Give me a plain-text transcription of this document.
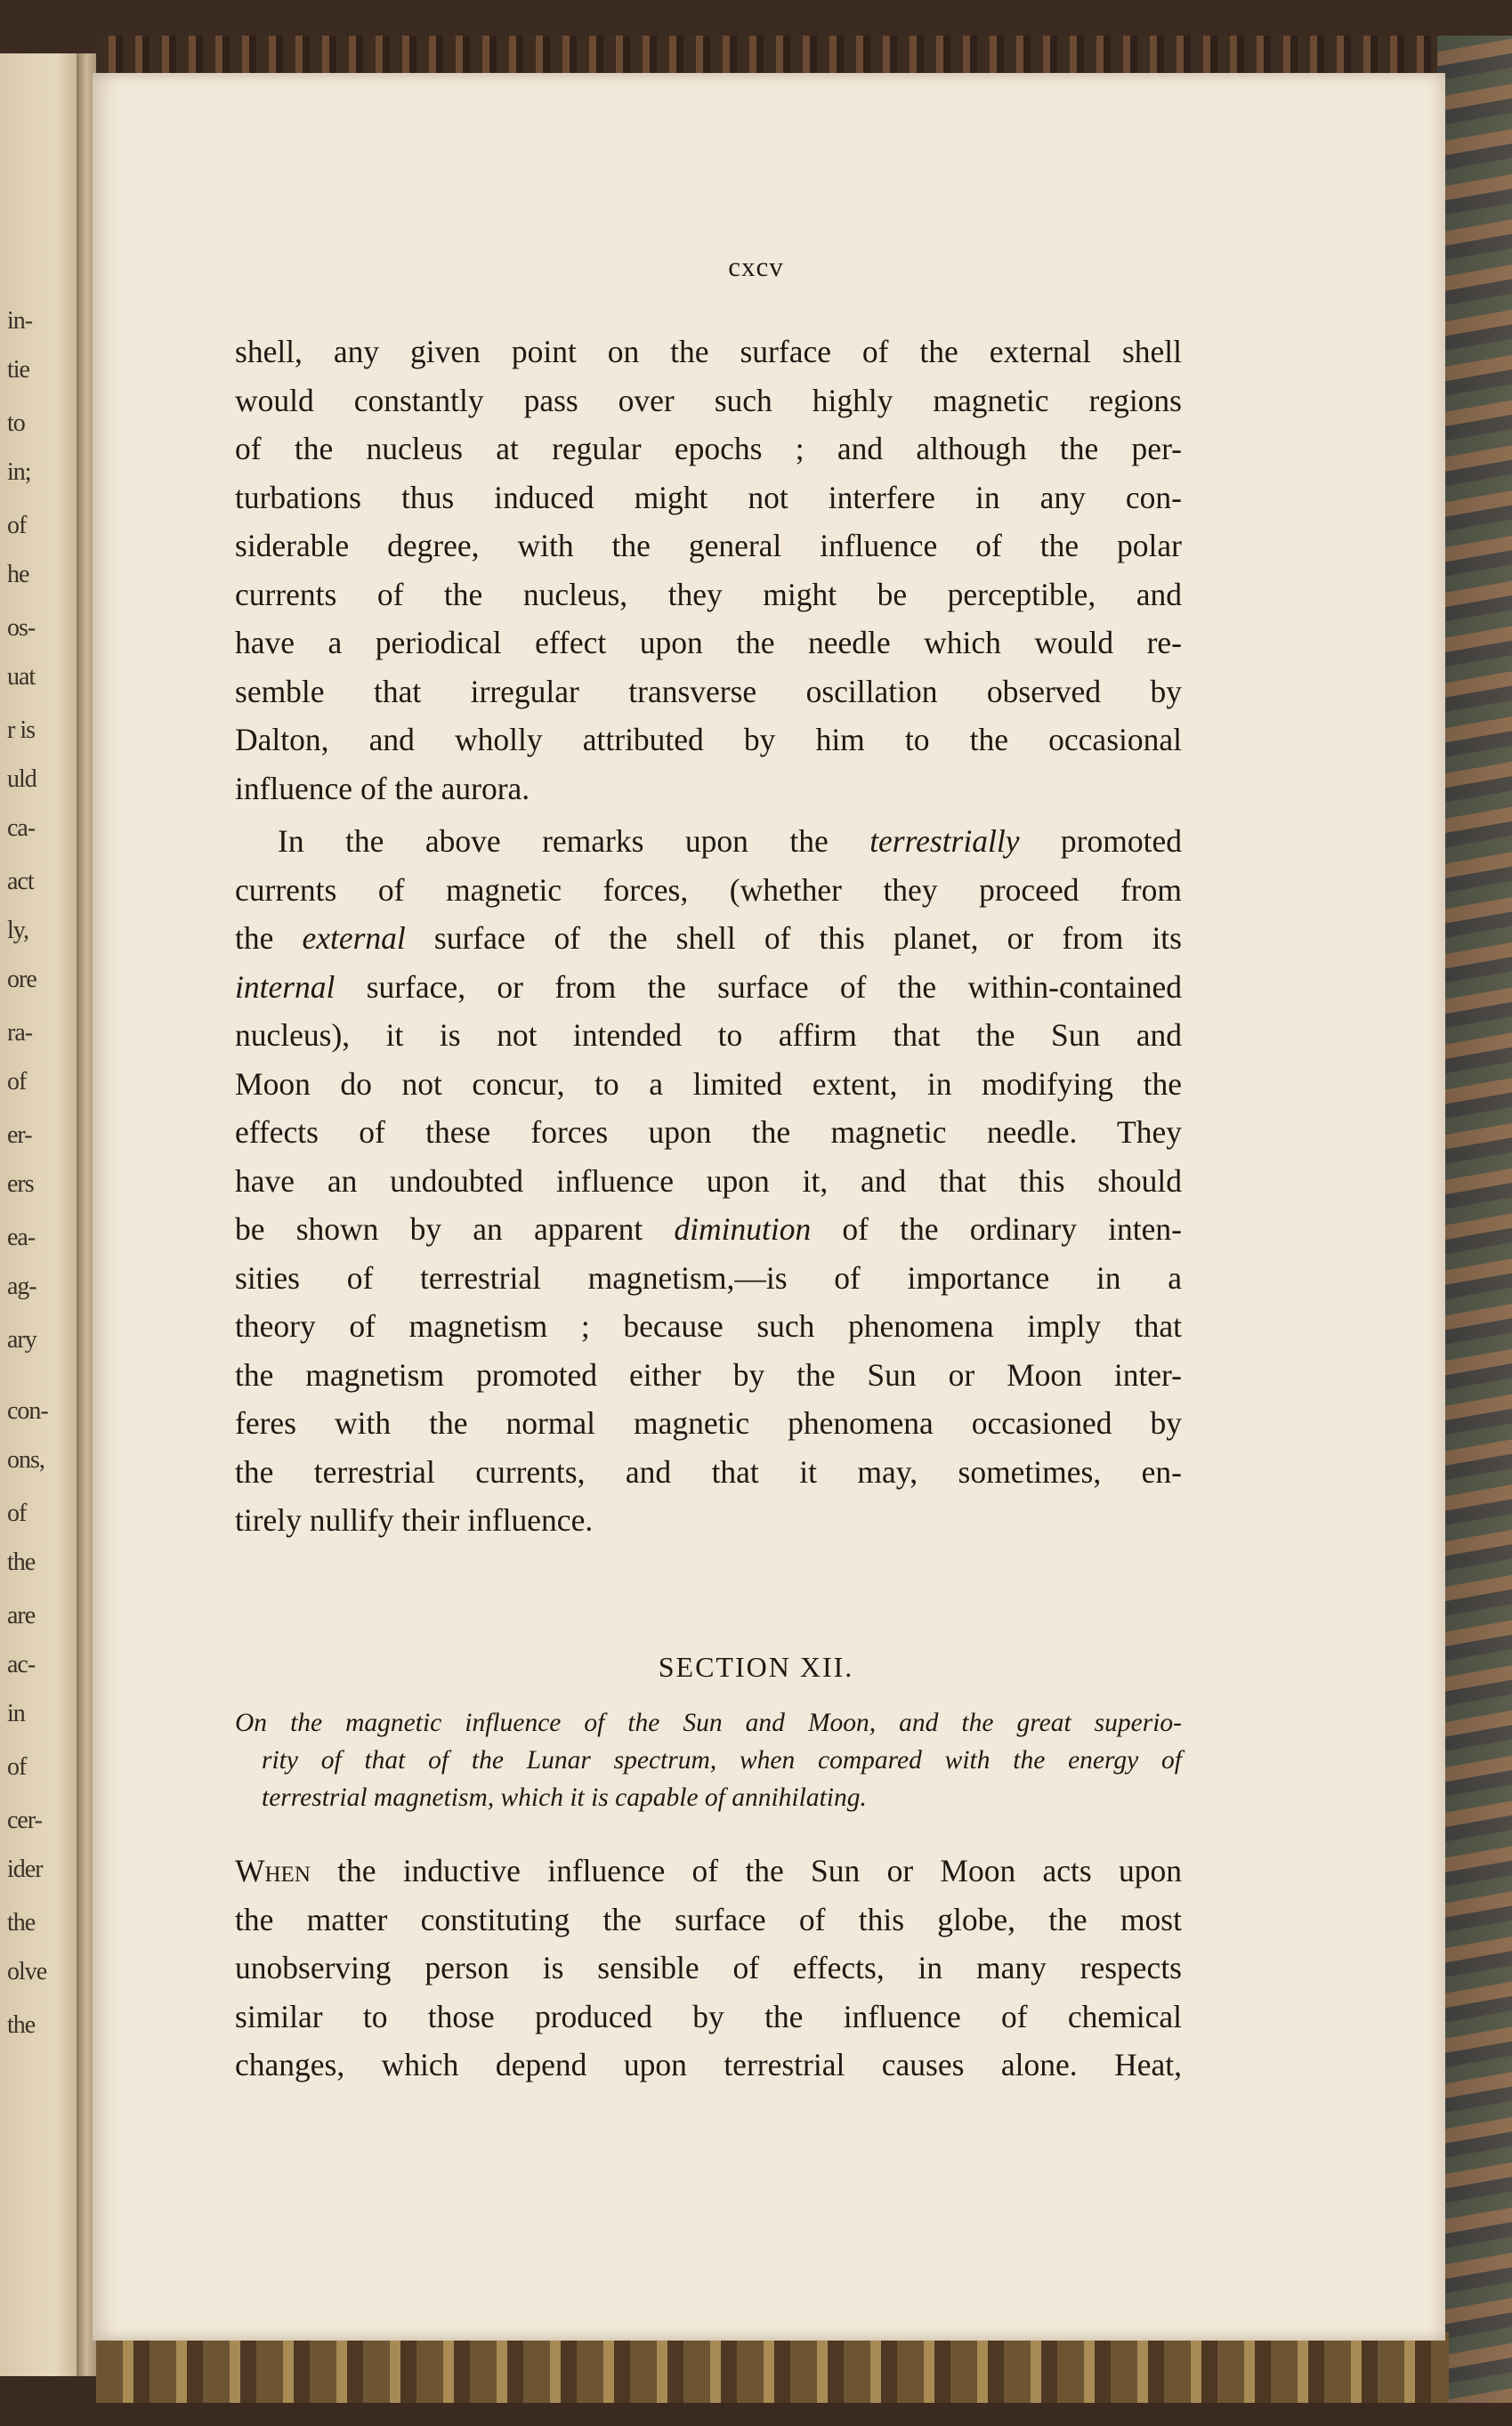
in-
tie
to
in;
of
he
os-
uat
r is
uld
ca-
act
ly,
ore
ra-
of
er-
ers
ea-
ag-
ary
con-
ons,
of
the
are
ac-
in
of
cer-
ider
the
olve
the
cxcv
shell, any given point on the surface of the external shell
would constantly pass over such highly magnetic regions
of the nucleus at regular epochs ; and although the per-
turbations thus induced might not interfere in any con-
siderable degree, with the general influence of the polar
currents of the nucleus, they might be perceptible, and
have a periodical effect upon the needle which would re-
semble that irregular transverse oscillation observed by
Dalton, and wholly attributed by him to the occasional
influence of the aurora.
In the above remarks upon the terrestrially promoted
currents of magnetic forces, (whether they proceed from
the external surface of the shell of this planet, or from its
internal surface, or from the surface of the within-contained
nucleus), it is not intended to affirm that the Sun and
Moon do not concur, to a limited extent, in modifying the
effects of these forces upon the magnetic needle. They
have an undoubted influence upon it, and that this should
be shown by an apparent diminution of the ordinary inten-
sities of terrestrial magnetism,—is of importance in a
theory of magnetism ; because such phenomena imply that
the magnetism promoted either by the Sun or Moon inter-
feres with the normal magnetic phenomena occasioned by
the terrestrial currents, and that it may, sometimes, en-
tirely nullify their influence.
SECTION XII.
On the magnetic influence of the Sun and Moon, and the great superio-
rity of that of the Lunar spectrum, when compared with the energy of
terrestrial magnetism, which it is capable of annihilating.
When the inductive influence of the Sun or Moon acts upon
the matter constituting the surface of this globe, the most
unobserving person is sensible of effects, in many respects
similar to those produced by the influence of chemical
changes, which depend upon terrestrial causes alone. Heat,
